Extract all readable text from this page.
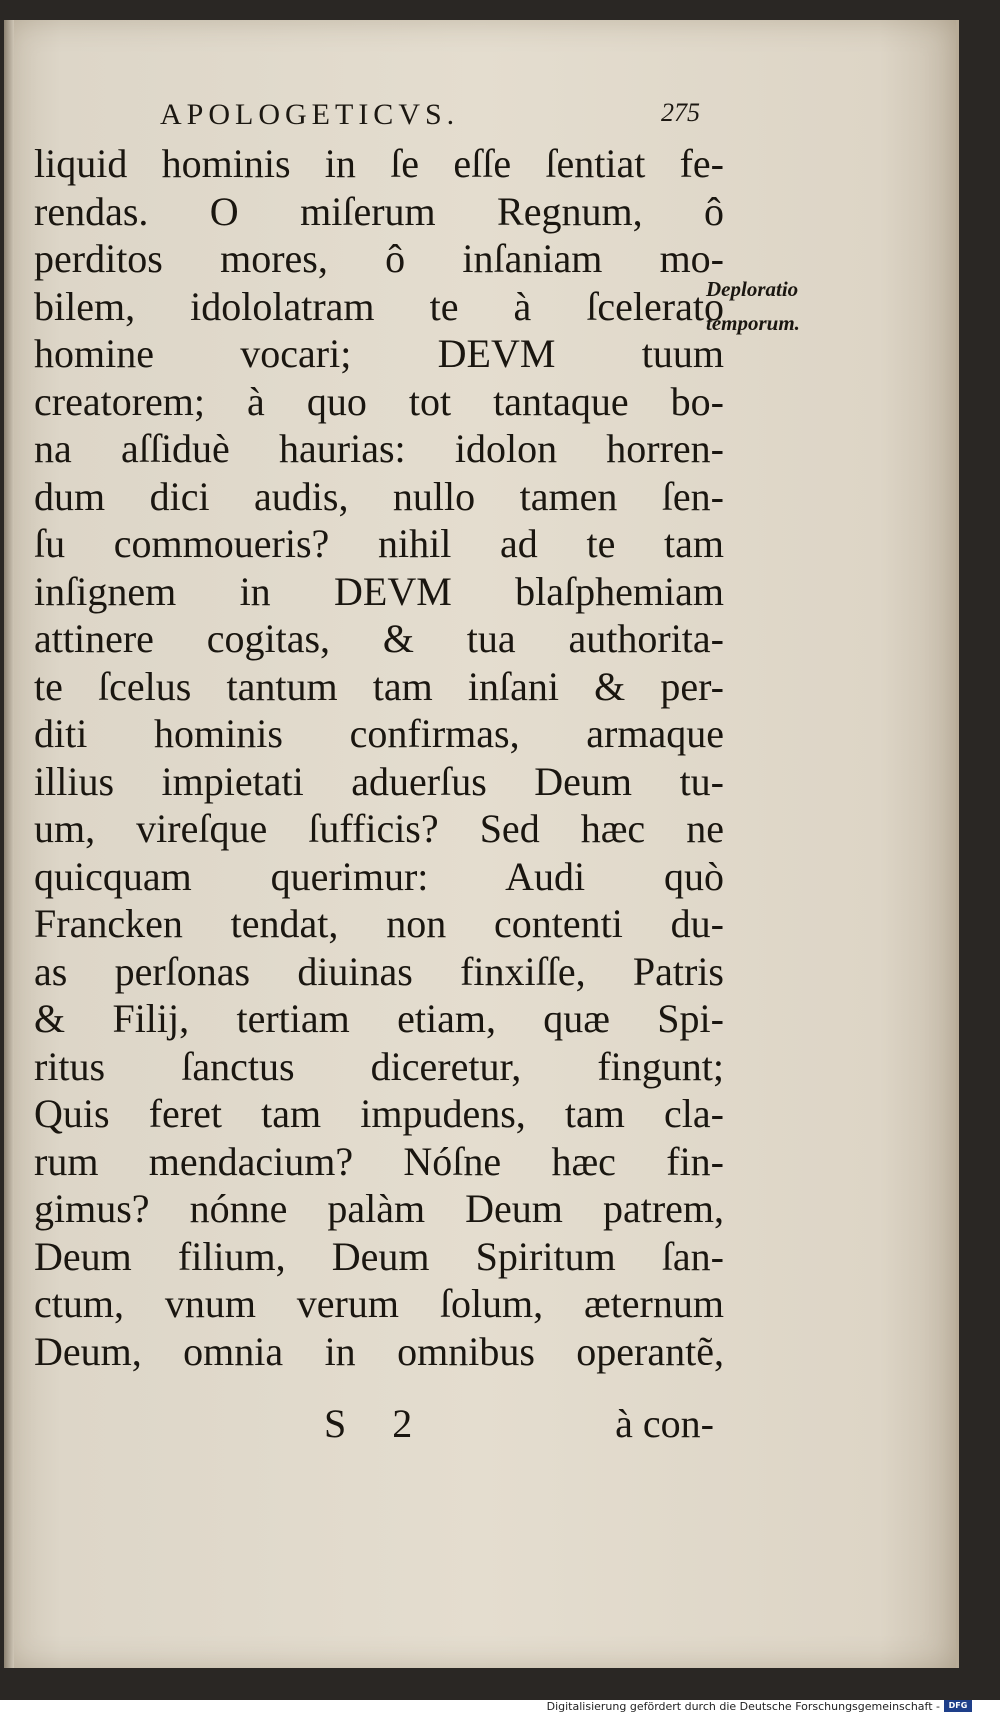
APOLOGETICVS.	275
liquid hominis in ſe eſſe ſentiat fe-
rendas. O miſerum Regnum, ô
perditos mores, ô inſaniam mo-
bilem, idololatram te à ſcelerato
homine vocari; DEVM tuum
creatorem; à quo tot tantaque bo-
na aſſiduè haurias: idolon horren-
dum dici audis, nullo tamen ſen-
ſu commoueris? nihil ad te tam
inſignem in DEVM blaſphemiam
attinere cogitas, & tua authorita-
te ſcelus tantum tam inſani & per-
diti hominis confirmas, armaque
illius impietati aduerſus Deum tu-
um, vireſque ſufficis? Sed hæc ne
quicquam querimur: Audi quò
Francken tendat, non contenti du-
as perſonas diuinas finxiſſe, Patris
& Filij, tertiam etiam, quæ Spi-
ritus ſanctus diceretur, fingunt;
Quis feret tam impudens, tam cla-
rum mendacium? Nóſne hæc fin-
gimus? nónne palàm Deum patrem,
Deum filium, Deum Spiritum ſan-
ctum, vnum verum ſolum, æternum
Deum, omnia in omnibus operantẽ,
Deploratio
temporum.
S 2	à con-
Digitalisierung gefördert durch die Deutsche Forschungsgemeinschaft -	DFG
